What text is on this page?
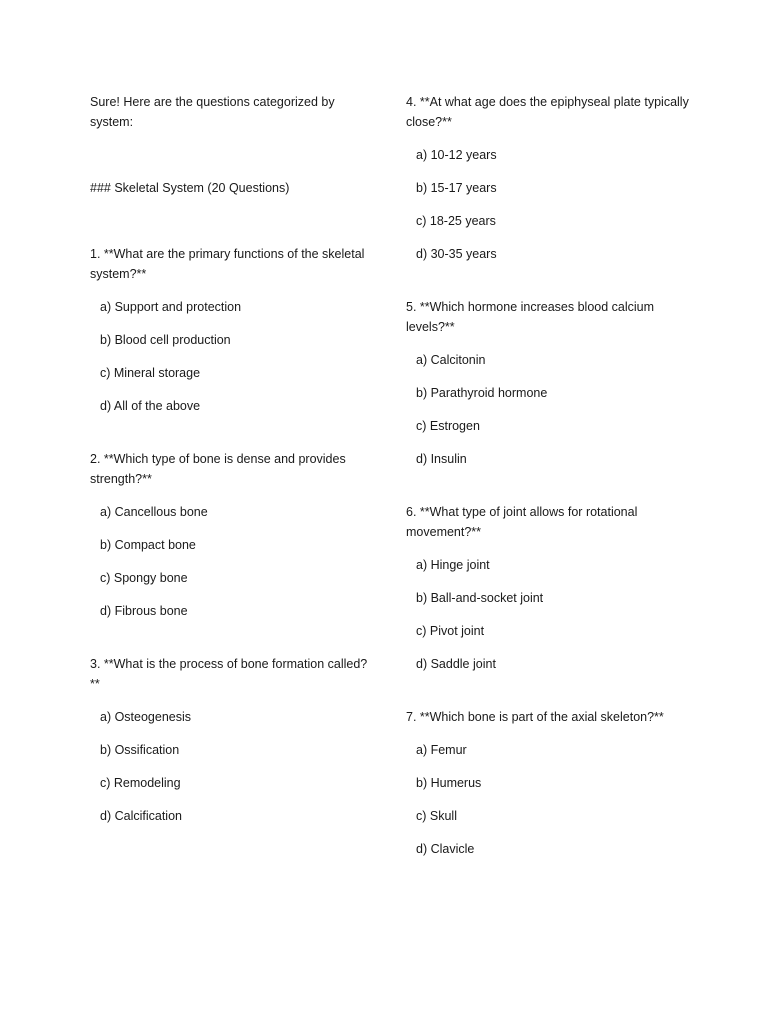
Sure! Here are the questions categorized by system:

### Skeletal System (20 Questions)

1. **What are the primary functions of the skeletal system?**

a) Support and protection

b) Blood cell production

c) Mineral storage

d) All of the above

2. **Which type of bone is dense and provides strength?**

a) Cancellous bone

b) Compact bone

c) Spongy bone

d) Fibrous bone

3. **What is the process of bone formation called?**

a) Osteogenesis

b) Ossification

c) Remodeling

d) Calcification

4. **At what age does the epiphyseal plate typically close?**

a) 10-12 years

b) 15-17 years

c) 18-25 years

d) 30-35 years

5. **Which hormone increases blood calcium levels?**

a) Calcitonin

b) Parathyroid hormone

c) Estrogen

d) Insulin

6. **What type of joint allows for rotational movement?**

a) Hinge joint

b) Ball-and-socket joint

c) Pivot joint

d) Saddle joint

7. **Which bone is part of the axial skeleton?**

a) Femur

b) Humerus

c) Skull

d) Clavicle
